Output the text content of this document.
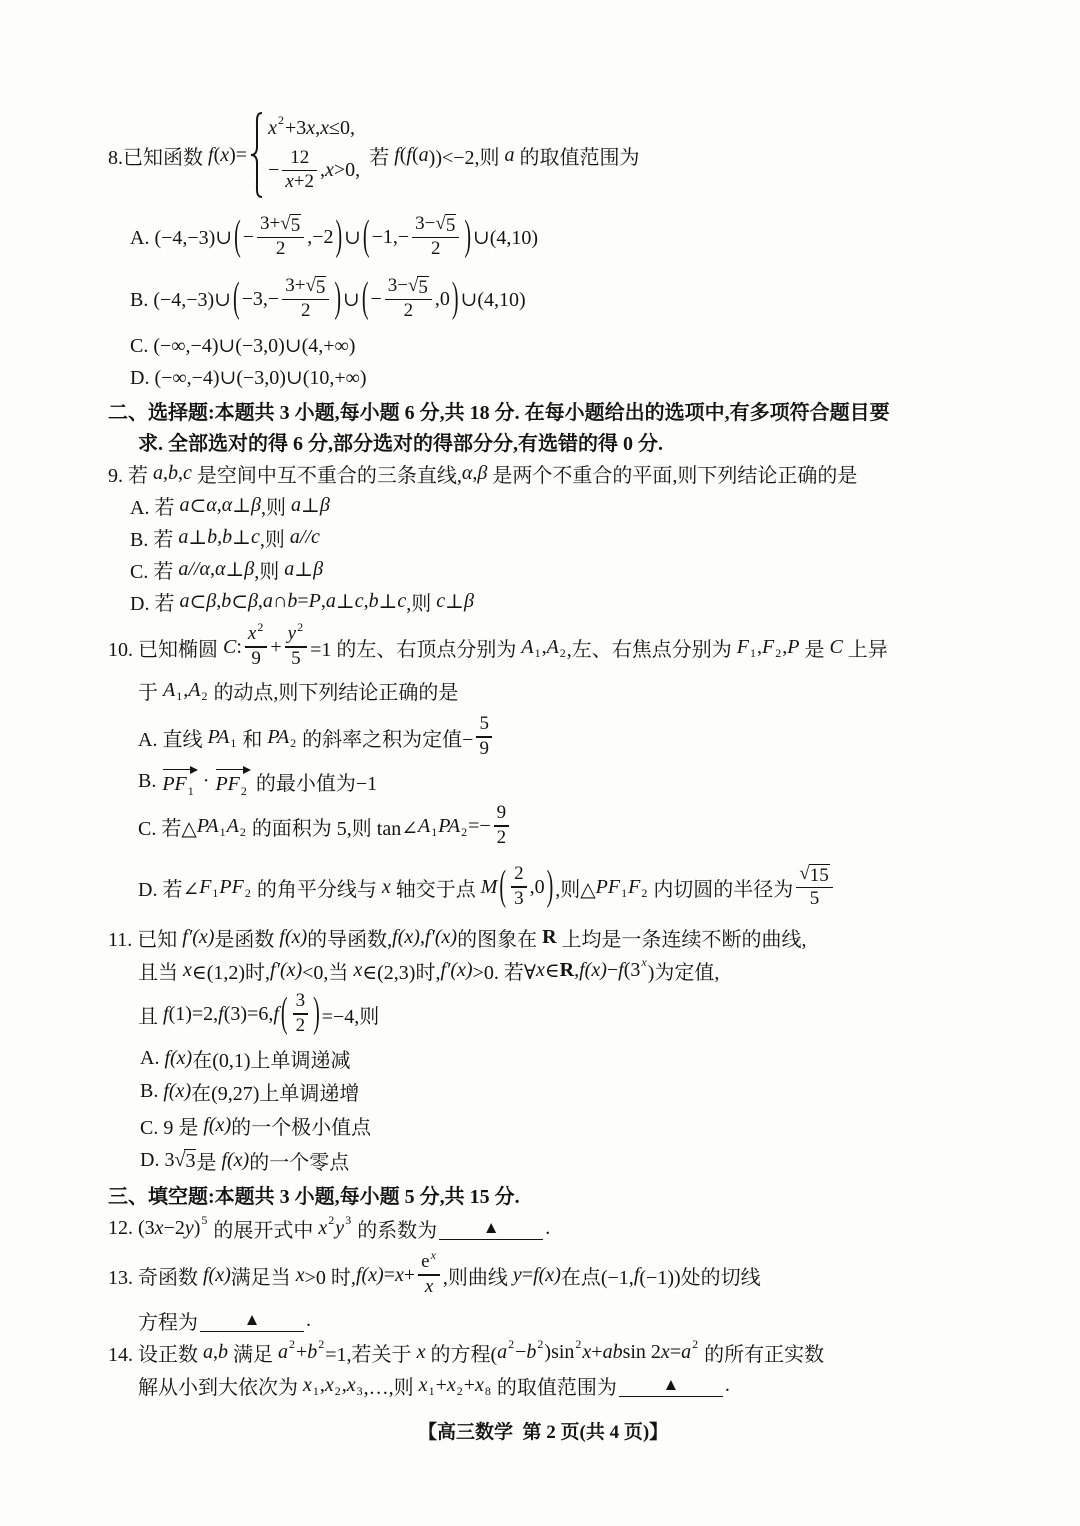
8.已知函数 f ( x )=
x 2 +3 x , x ≤0,
− $\frac{12}{x +2}$ , x >0,
若 f ( f ( a ))<−2,则 a 的取值范围为
A. (−4,−3)∪ ( − 3+
√ 5
2 ,−2 ) ∪ ( −1,− 3−
√ 5
2 ) ∪(4,10)
B. (−4,−3)∪ ( −3,− 3+
√ 5
2 ) ∪ ( − 3−
√ 5
2 ,0 ) ∪(4,10)
C. (−∞,−4)∪(−3,0)∪(4,+∞)
D. (−∞,−4)∪(−3,0)∪(10,+∞)
二、选择题:本题共 3 小题,每小题 6 分,共 18 分. 在每小题给出的选项中,有多项符合题目要
求. 全部选对的得 6 分,部分选对的得部分分,有选错的得 0 分.
9. 若 a , b , c 是空间中互不重合的三条直线, α , β 是两个不重合的平面,则下列结论正确的是
A. 若 a ⊂ α , α ⊥ β ,则 a ⊥ β
B. 若 a ⊥ b , b ⊥ c ,则 a//c
C. 若 a//α , α ⊥ β ,则 a ⊥ β
D. 若 a ⊂ β , b ⊂ β , a ∩ b = P , a ⊥ c , b ⊥ c ,则 c ⊥ β
10. 已知椭圆 C : $\frac{x 2}{9} + \frac{y 2}{5} =1$ 的左、右顶点分别为 A 1 , A 2 ,左、右焦点分别为 F 1 , F 2 , P 是 C 上异
于 A 1 , A 2 的动点,则下列结论正确的是
A. 直线 PA 1 和 PA 2 的斜率之积为定值− $\frac{5}{9}$
B. PF 1 · PF 2 的最小值为−1
C. 若△ PA 1 A 2 的面积为 5,则 tan∠ A 1 PA $2 =- \frac{9}{2}$
D. 若∠ F 1 PF 2 的角平分线与 x 轴交于点 M ( $\frac{2}{3} ,0$ ) ,则△ PF 1 F 2 内切圆的半径为
√ $\frac{15}{5}$
11. 已知 f′(x) 是函数 f(x) 的导函数, f(x) , f′(x) 的图象在 R 上均是一条连续不断的曲线,
且当 x ∈(1,2)时, f′(x) <0,当 x ∈(2,3)时, f′(x) >0. 若∀ x ∈ R , f(x) − f (3 x )为定值,
且 f (1)=2, f (3)=6, f ( $\frac{3}{2}$ ) =−4,则
A. f(x) 在(0,1)上单调递减
B. f(x) 在(9,27)上单调递增
C. 9 是 f(x) 的一个极小值点
D. 3
√ 3 是 f(x) 的一个零点
三、填空题:本题共 3 小题,每小题 5 分,共 15 分.
12. (3 x −2 y ) 5 的展开式中 x 2 y 3 的系数为	▲	.
13. 奇函数 f(x) 满足当 x >0 时, $f(x) = x + \frac{\text{e x}}{x}$ ,则曲线 y = f(x) 在点(−1, f (−1))处的切线
方程为	▲	.
14. 设正数 a , b 满足 a 2 + b 2 =1,若关于 x 的方程( a 2 − b 2 )sin 2 x + ab sin 2 x = a 2 的所有正实数
解从小到大依次为 x 1 , x 2 , x 3 ,…,则 x 1 + x 2 + x 8 的取值范围为	▲	.
【高三数学  第 2 页(共 4 页)】
